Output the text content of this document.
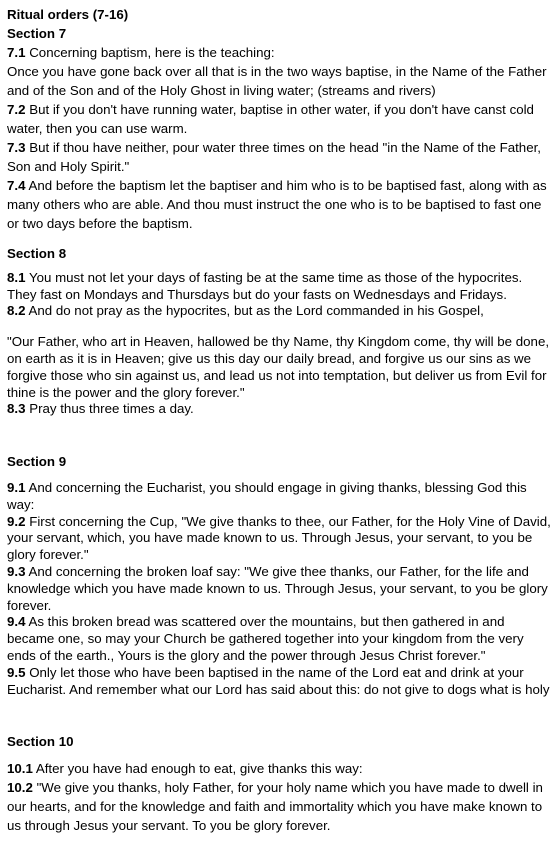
Ritual orders (7-16)
Section 7

7.1 Concerning baptism, here is the teaching:

Once you have gone back over all that is in the two ways baptise, in the Name of the Father and of the Son and of the Holy Ghost in living water; (streams and rivers)

7.2 But if you don't have running water, baptise in other water, if you don't have canst cold water, then you can use warm.

7.3 But if thou have neither, pour water three times on the head "in the Name of the Father, Son and Holy Spirit."

7.4 And before the baptism let the baptiser and him who is to be baptised fast, along with as many others who are able. And thou must instruct the one who is to be baptised to fast one or two days before the baptism.

Section 8

8.1 You must not let your days of fasting be at the same time as those of the hypocrites. They fast on Mondays and Thursdays but do your fasts on Wednesdays and Fridays.

8.2 And do not pray as the hypocrites, but as the Lord commanded in his Gospel,

"Our Father, who art in Heaven, hallowed be thy Name, thy Kingdom come, thy will be done, on earth as it is in Heaven; give us this day our daily bread, and forgive us our sins as we forgive those who sin against us, and lead us not into temptation, but deliver us from Evil for thine is the power and the glory forever."

8.3 Pray thus three times a day.

Section 9

9.1 And concerning the Eucharist, you should engage in giving thanks, blessing God this way:

9.2 First concerning the Cup, "We give thanks to thee, our Father, for the Holy Vine of David, your servant, which, you have made known to us. Through Jesus, your servant, to you be glory forever."

9.3 And concerning the broken loaf say: "We give thee thanks, our Father, for the life and knowledge which you have made known to us. Through Jesus, your servant, to you be glory forever.

9.4 As this broken bread was scattered over the mountains, but then gathered in and became one, so may your Church be gathered together into your kingdom from the very ends of the earth., Yours is the glory and the power through Jesus Christ forever."

9.5 Only let those who have been baptised in the name of the Lord eat and drink at your Eucharist. And remember what our Lord has said about this: do not give to dogs what is holy

Section 10

10.1 After you have had enough to eat, give thanks this way:

10.2 "We give you thanks, holy Father, for your holy name which you have made to dwell in our hearts, and for the knowledge and faith and immortality which you have make known to us through Jesus your servant. To you be glory forever.
